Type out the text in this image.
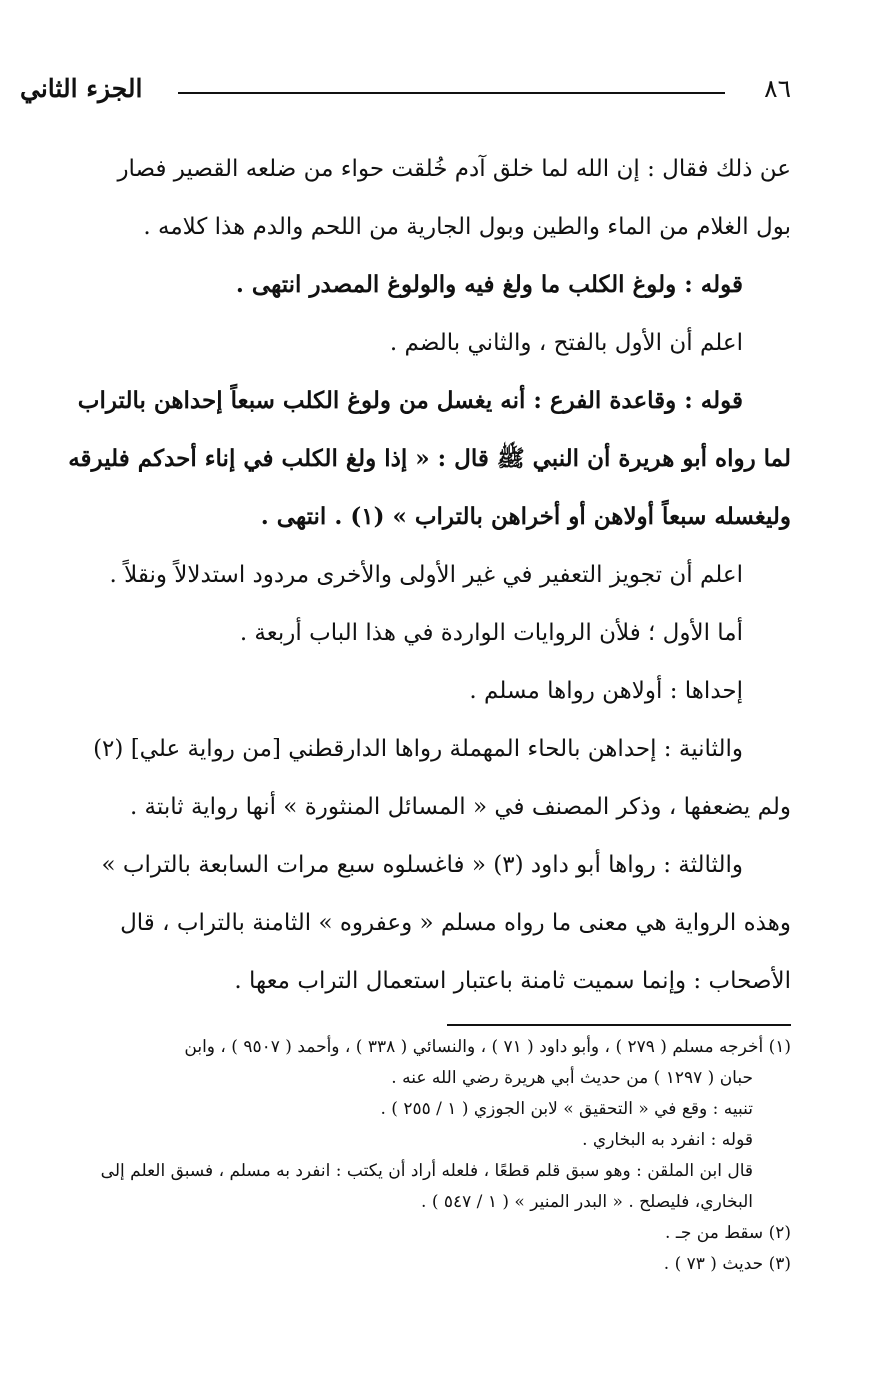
٨٦
الجزء الثاني
عن ذلك فقال : إن الله لما خلق آدم خُلقت حواء من ضلعه القصير فصار
بول الغلام من الماء والطين وبول الجارية من اللحم والدم هذا كلامه .
قوله : ولوغ الكلب ما ولغ فيه والولوغ المصدر انتهى .
اعلم أن الأول بالفتح ، والثاني بالضم .
قوله : وقاعدة الفرع : أنه يغسل من ولوغ الكلب سبعاً إحداهن بالتراب
لما رواه أبو هريرة أن النبي ﷺ قال : « إذا ولغ الكلب في إناء أحدكم فليرقه
وليغسله سبعاً أولاهن أو أخراهن بالتراب » (١) . انتهى .
اعلم أن تجويز التعفير في غير الأولى والأخرى مردود استدلالاً ونقلاً .
أما الأول ؛ فلأن الروايات الواردة في هذا الباب أربعة .
إحداها : أولاهن رواها مسلم .
والثانية : إحداهن بالحاء المهملة رواها الدارقطني [من رواية علي] (٢)
ولم يضعفها ، وذكر المصنف في « المسائل المنثورة » أنها رواية ثابتة .
والثالثة : رواها أبو داود (٣) « فاغسلوه سبع مرات السابعة بالتراب »
وهذه الرواية هي معنى ما رواه مسلم « وعفروه » الثامنة بالتراب ، قال
الأصحاب : وإنما سميت ثامنة باعتبار استعمال التراب معها .
(١) أخرجه مسلم ( ٢٧٩ ) ، وأبو داود ( ٧١ ) ، والنسائي ( ٣٣٨ ) ، وأحمد ( ٩٥٠٧ ) ، وابن
حبان ( ١٢٩٧ ) من حديث أبي هريرة رضي الله عنه .
تنبيه : وقع في « التحقيق » لابن الجوزي ( ١ / ٢٥٥ ) .
قوله : انفرد به البخاري .
قال ابن الملقن : وهو سبق قلم قطعًا ، فلعله أراد أن يكتب : انفرد به مسلم ، فسبق العلم إلى
البخاري، فليصلح . « البدر المنير » ( ١ / ٥٤٧ ) .
(٢) سقط من جـ .
(٣) حديث ( ٧٣ ) .
